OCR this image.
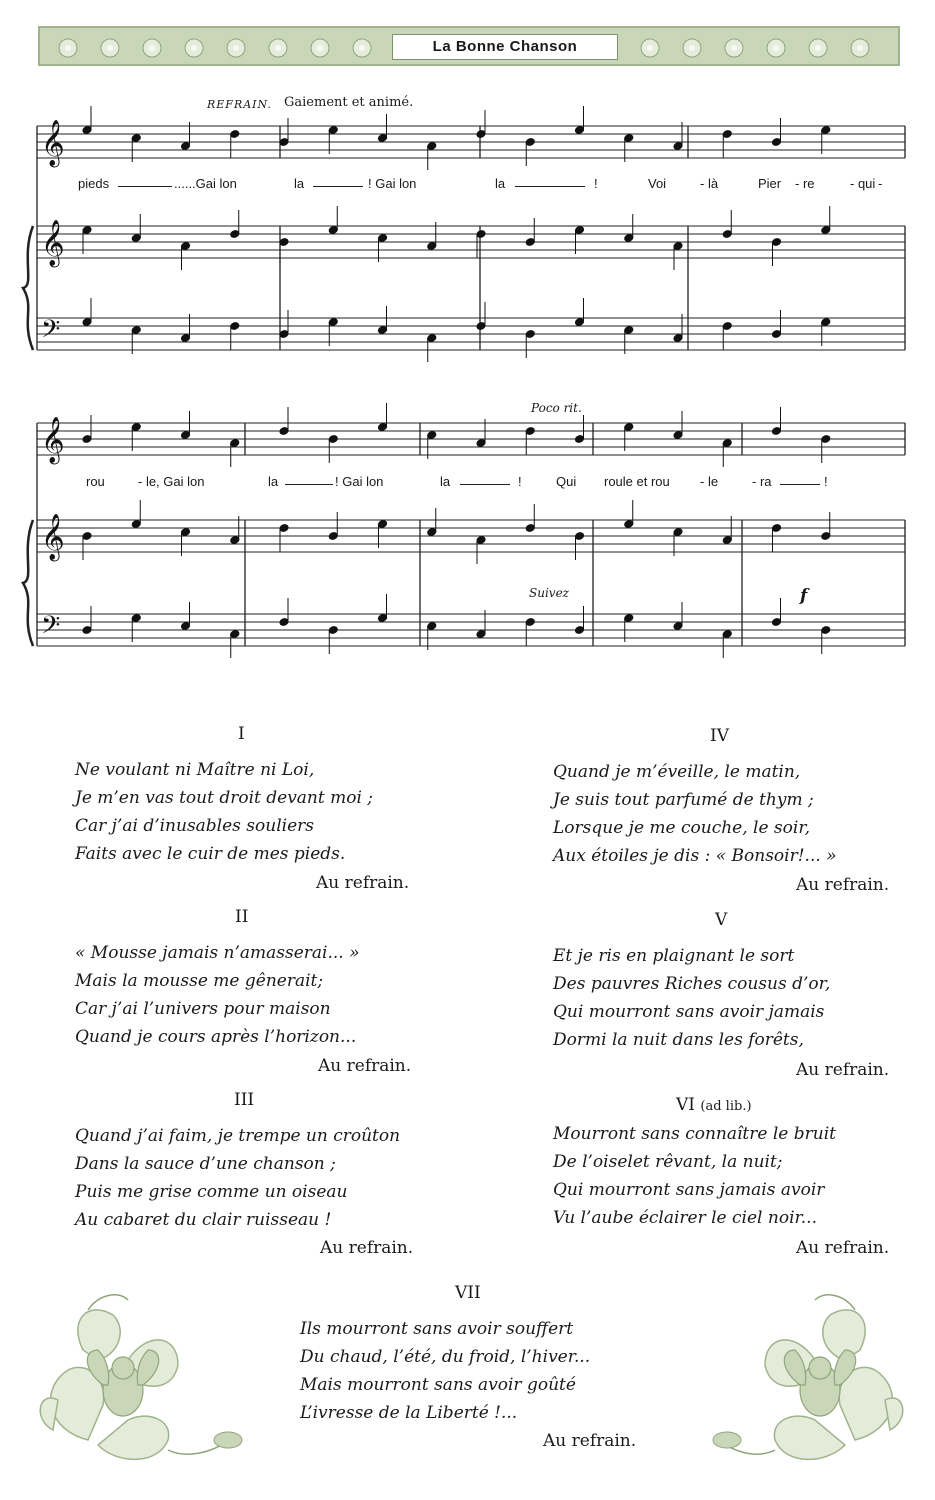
La Bonne Chanson
𝄞
𝄞
𝄢
𝄞
𝄞
𝄢
REFRAIN. Gaiement et animé.
Poco rit.
Suivez	f
pieds	......Gai lon	la	! Gai lon	la	!	Voi	- là	Pier - re	- qui -
rou	- le, Gai lon	la	! Gai lon	la	!	Qui roule et rou - le	- ra	!
I
Ne voulant ni Maître ni Loi,
Je m’en vas tout droit devant moi ;
Car j’ai d’inusables souliers
Faits avec le cuir de mes pieds.
Au refrain.
II
« Mousse jamais n’amasserai... »
Mais la mousse me gênerait;
Car j’ai l’univers pour maison
Quand je cours après l’horizon...
Au refrain.
III
Quand j’ai faim, je trempe un croûton
Dans la sauce d’une chanson ;
Puis me grise comme un oiseau
Au cabaret du clair ruisseau !
Au refrain.
IV
Quand je m’éveille, le matin,
Je suis tout parfumé de thym ;
Lorsque je me couche, le soir,
Aux étoiles je dis : « Bonsoir!... »
Au refrain.
V
Et je ris en plaignant le sort
Des pauvres Riches cousus d’or,
Qui mourront sans avoir jamais
Dormi la nuit dans les forêts,
Au refrain.
VI (ad lib.)
Mourront sans connaître le bruit
De l’oiselet rêvant, la nuit;
Qui mourront sans jamais avoir
Vu l’aube éclairer le ciel noir...
Au refrain.
VII
Ils mourront sans avoir souffert
Du chaud, l’été, du froid, l’hiver...
Mais mourront sans avoir goûté
L’ivresse de la Liberté !...
Au refrain.
